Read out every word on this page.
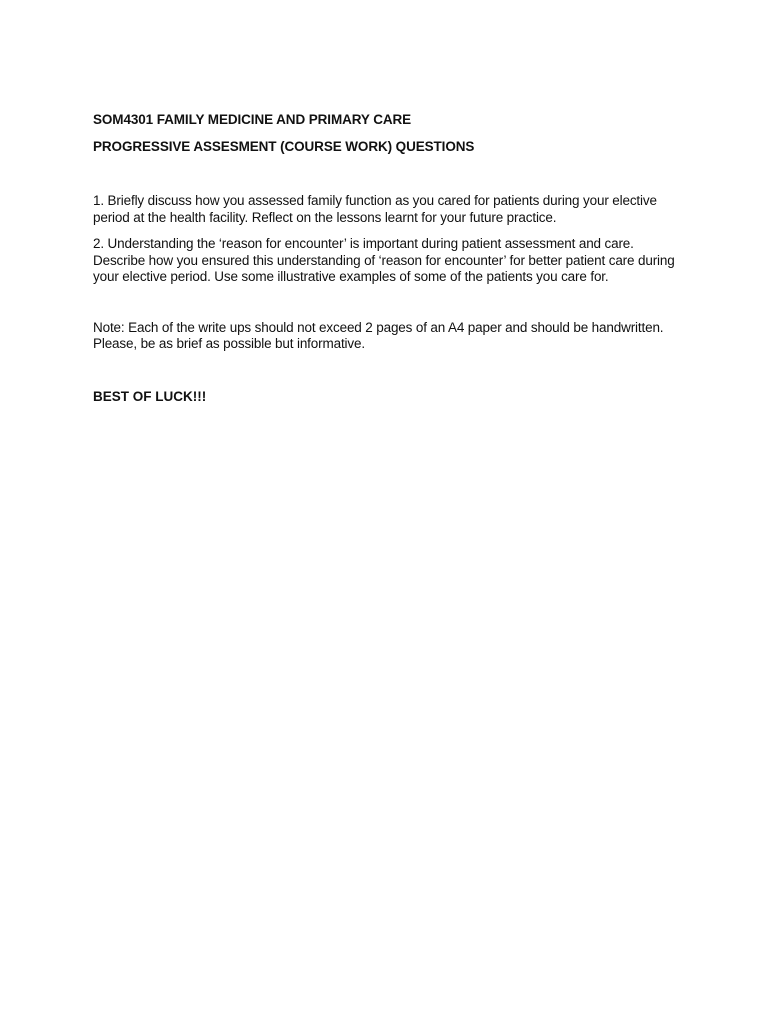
SOM4301 FAMILY MEDICINE AND PRIMARY CARE

PROGRESSIVE ASSESMENT (COURSE WORK) QUESTIONS

1. Briefly discuss how you assessed family function as you cared for patients during your elective period at the health facility. Reflect on the lessons learnt for your future practice.

2. Understanding the ‘reason for encounter’ is important during patient assessment and care. Describe how you ensured this understanding of ‘reason for encounter’ for better patient care during your elective period. Use some illustrative examples of some of the patients you care for.

Note: Each of the write ups should not exceed 2 pages of an A4 paper and should be handwritten. Please, be as brief as possible but informative.

BEST OF LUCK!!!
